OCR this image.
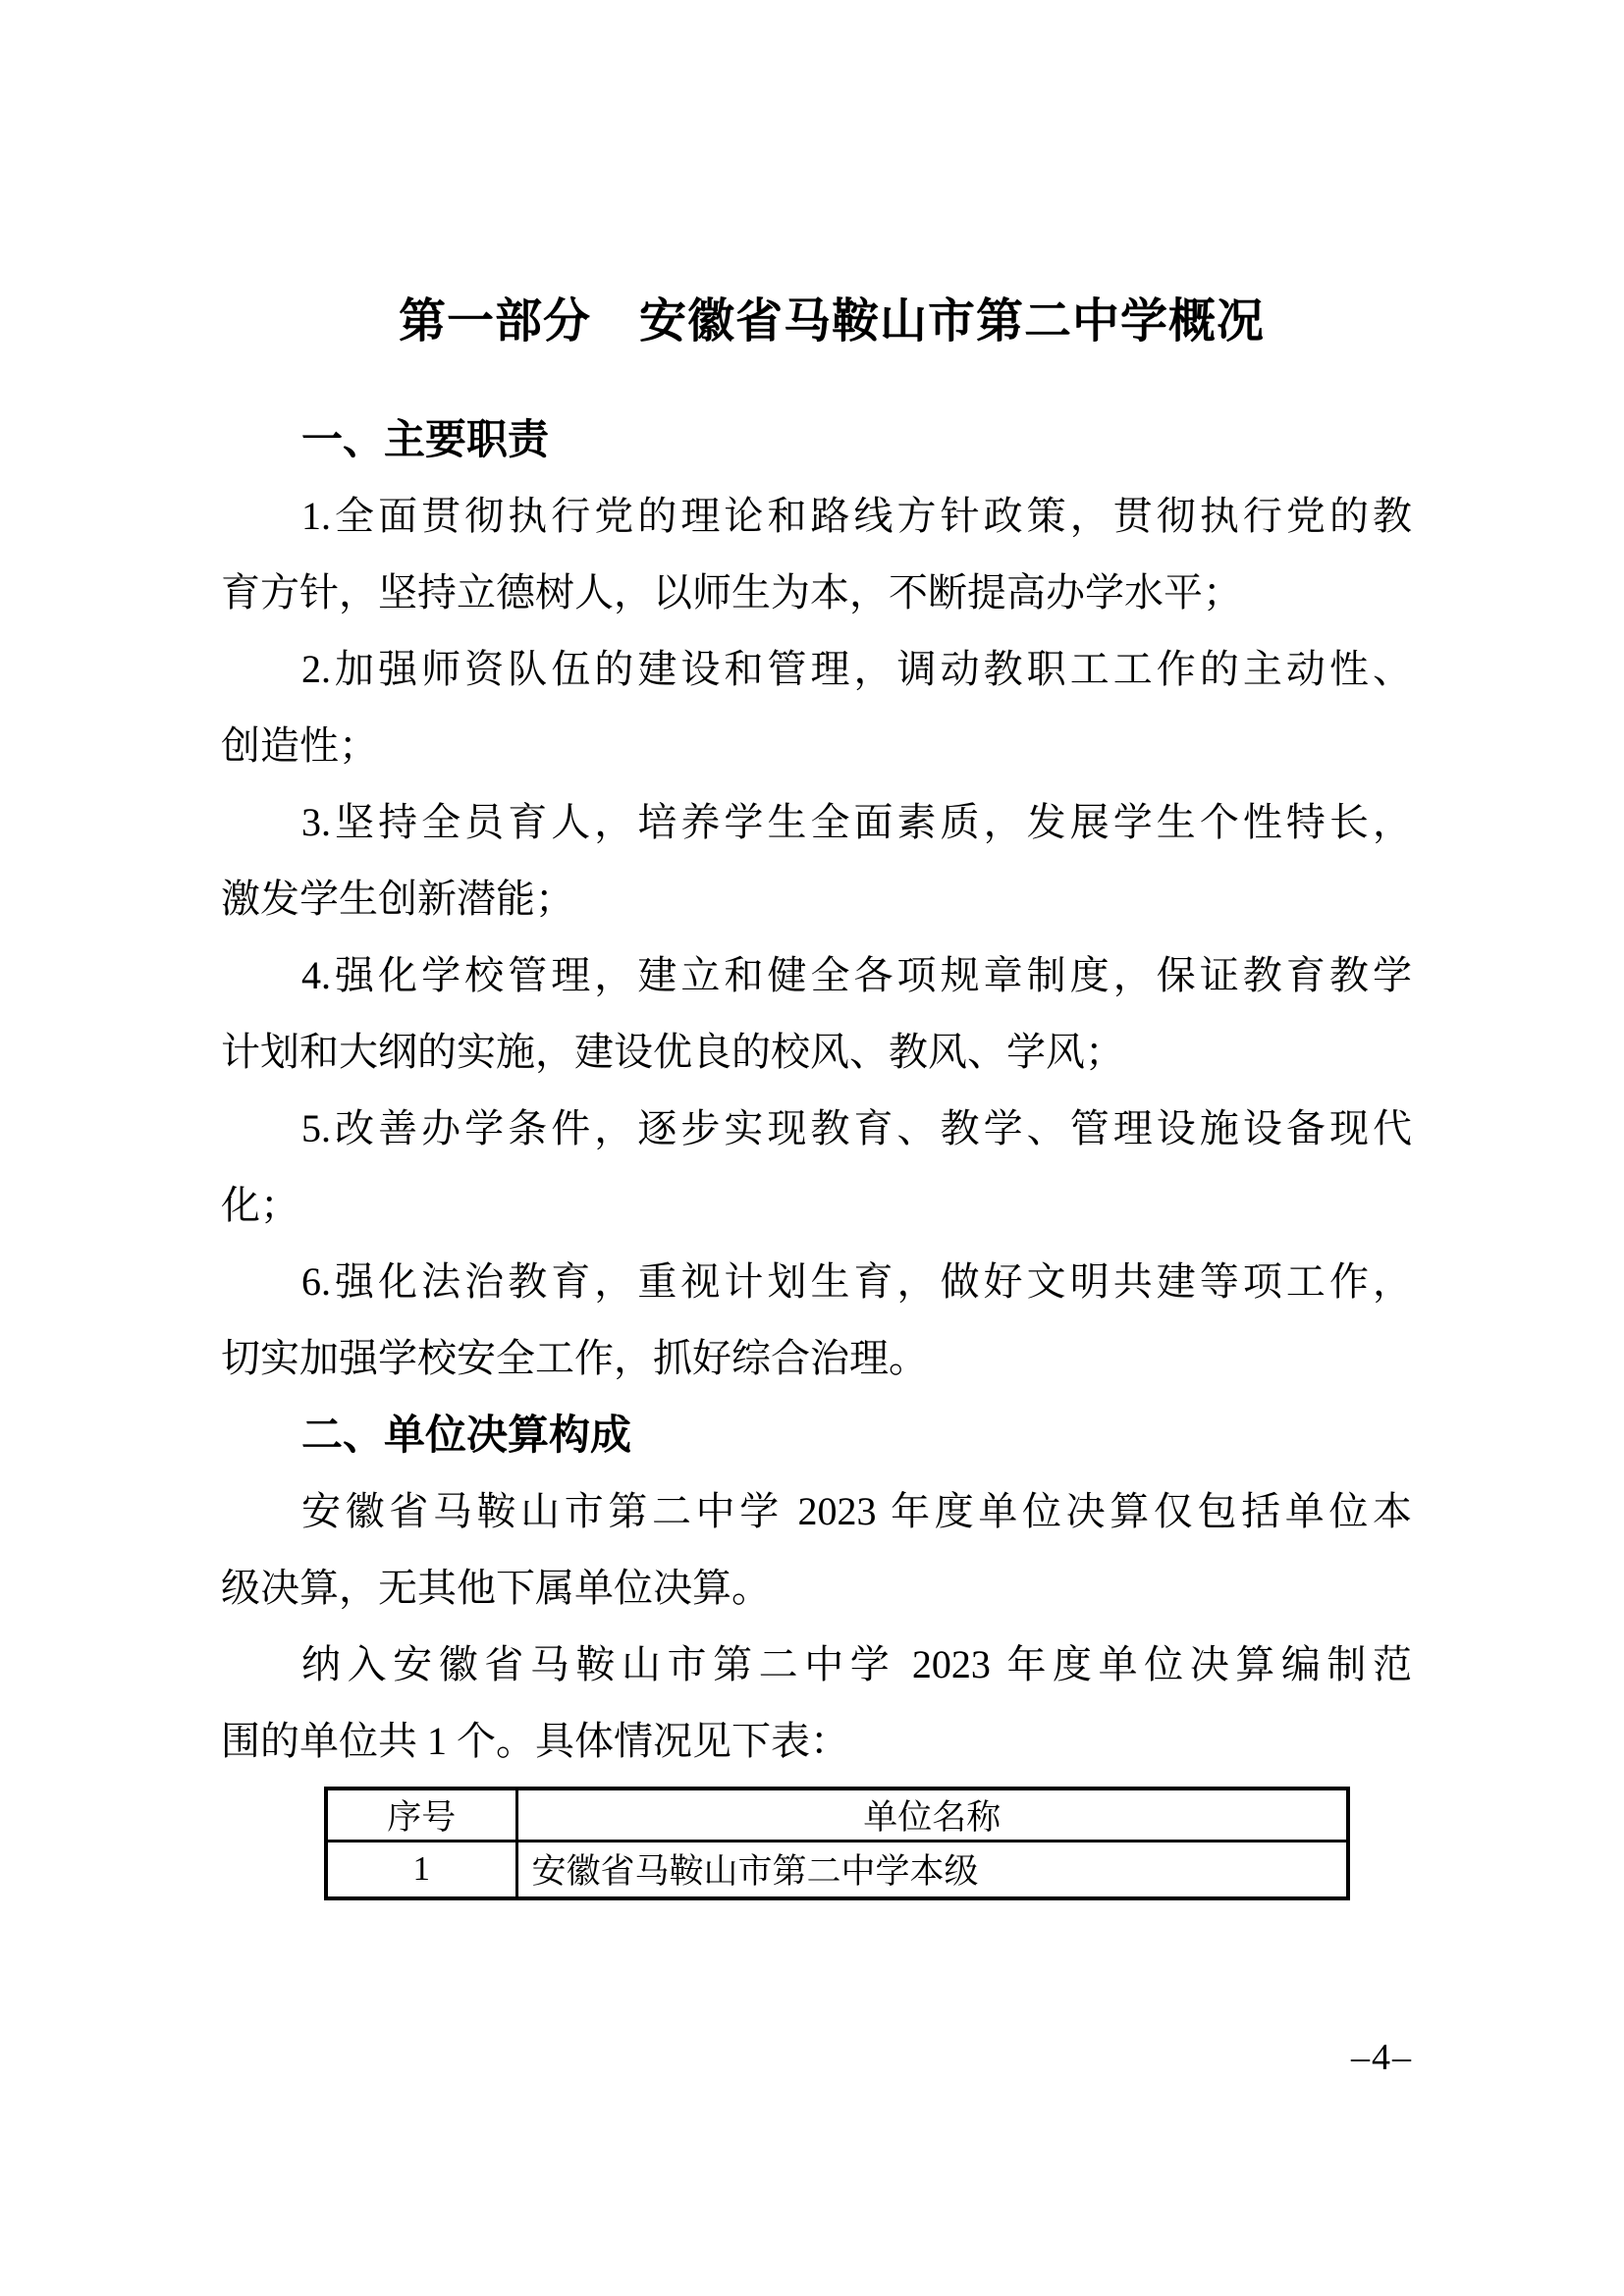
第一部分　安徽省马鞍山市第二中学概况
一、主要职责
1.全面贯彻执行党的理论和路线方针政策，贯彻执行党的教
育方针，坚持立德树人，以师生为本，不断提高办学水平；
2.加强师资队伍的建设和管理，调动教职工工作的主动性、
创造性；
3.坚持全员育人，培养学生全面素质，发展学生个性特长，
激发学生创新潜能；
4.强化学校管理，建立和健全各项规章制度，保证教育教学
计划和大纲的实施，建设优良的校风、教风、学风；
5.改善办学条件，逐步实现教育、教学、管理设施设备现代
化；
6.强化法治教育，重视计划生育，做好文明共建等项工作，
切实加强学校安全工作，抓好综合治理。
二、单位决算构成
安徽省马鞍山市第二中学 2023 年度单位决算仅包括单位本
级决算，无其他下属单位决算。
纳入安徽省马鞍山市第二中学 2023 年度单位决算编制范
围的单位共 1 个。具体情况见下表：
序号	单位名称
1	安徽省马鞍山市第二中学本级
–4–
